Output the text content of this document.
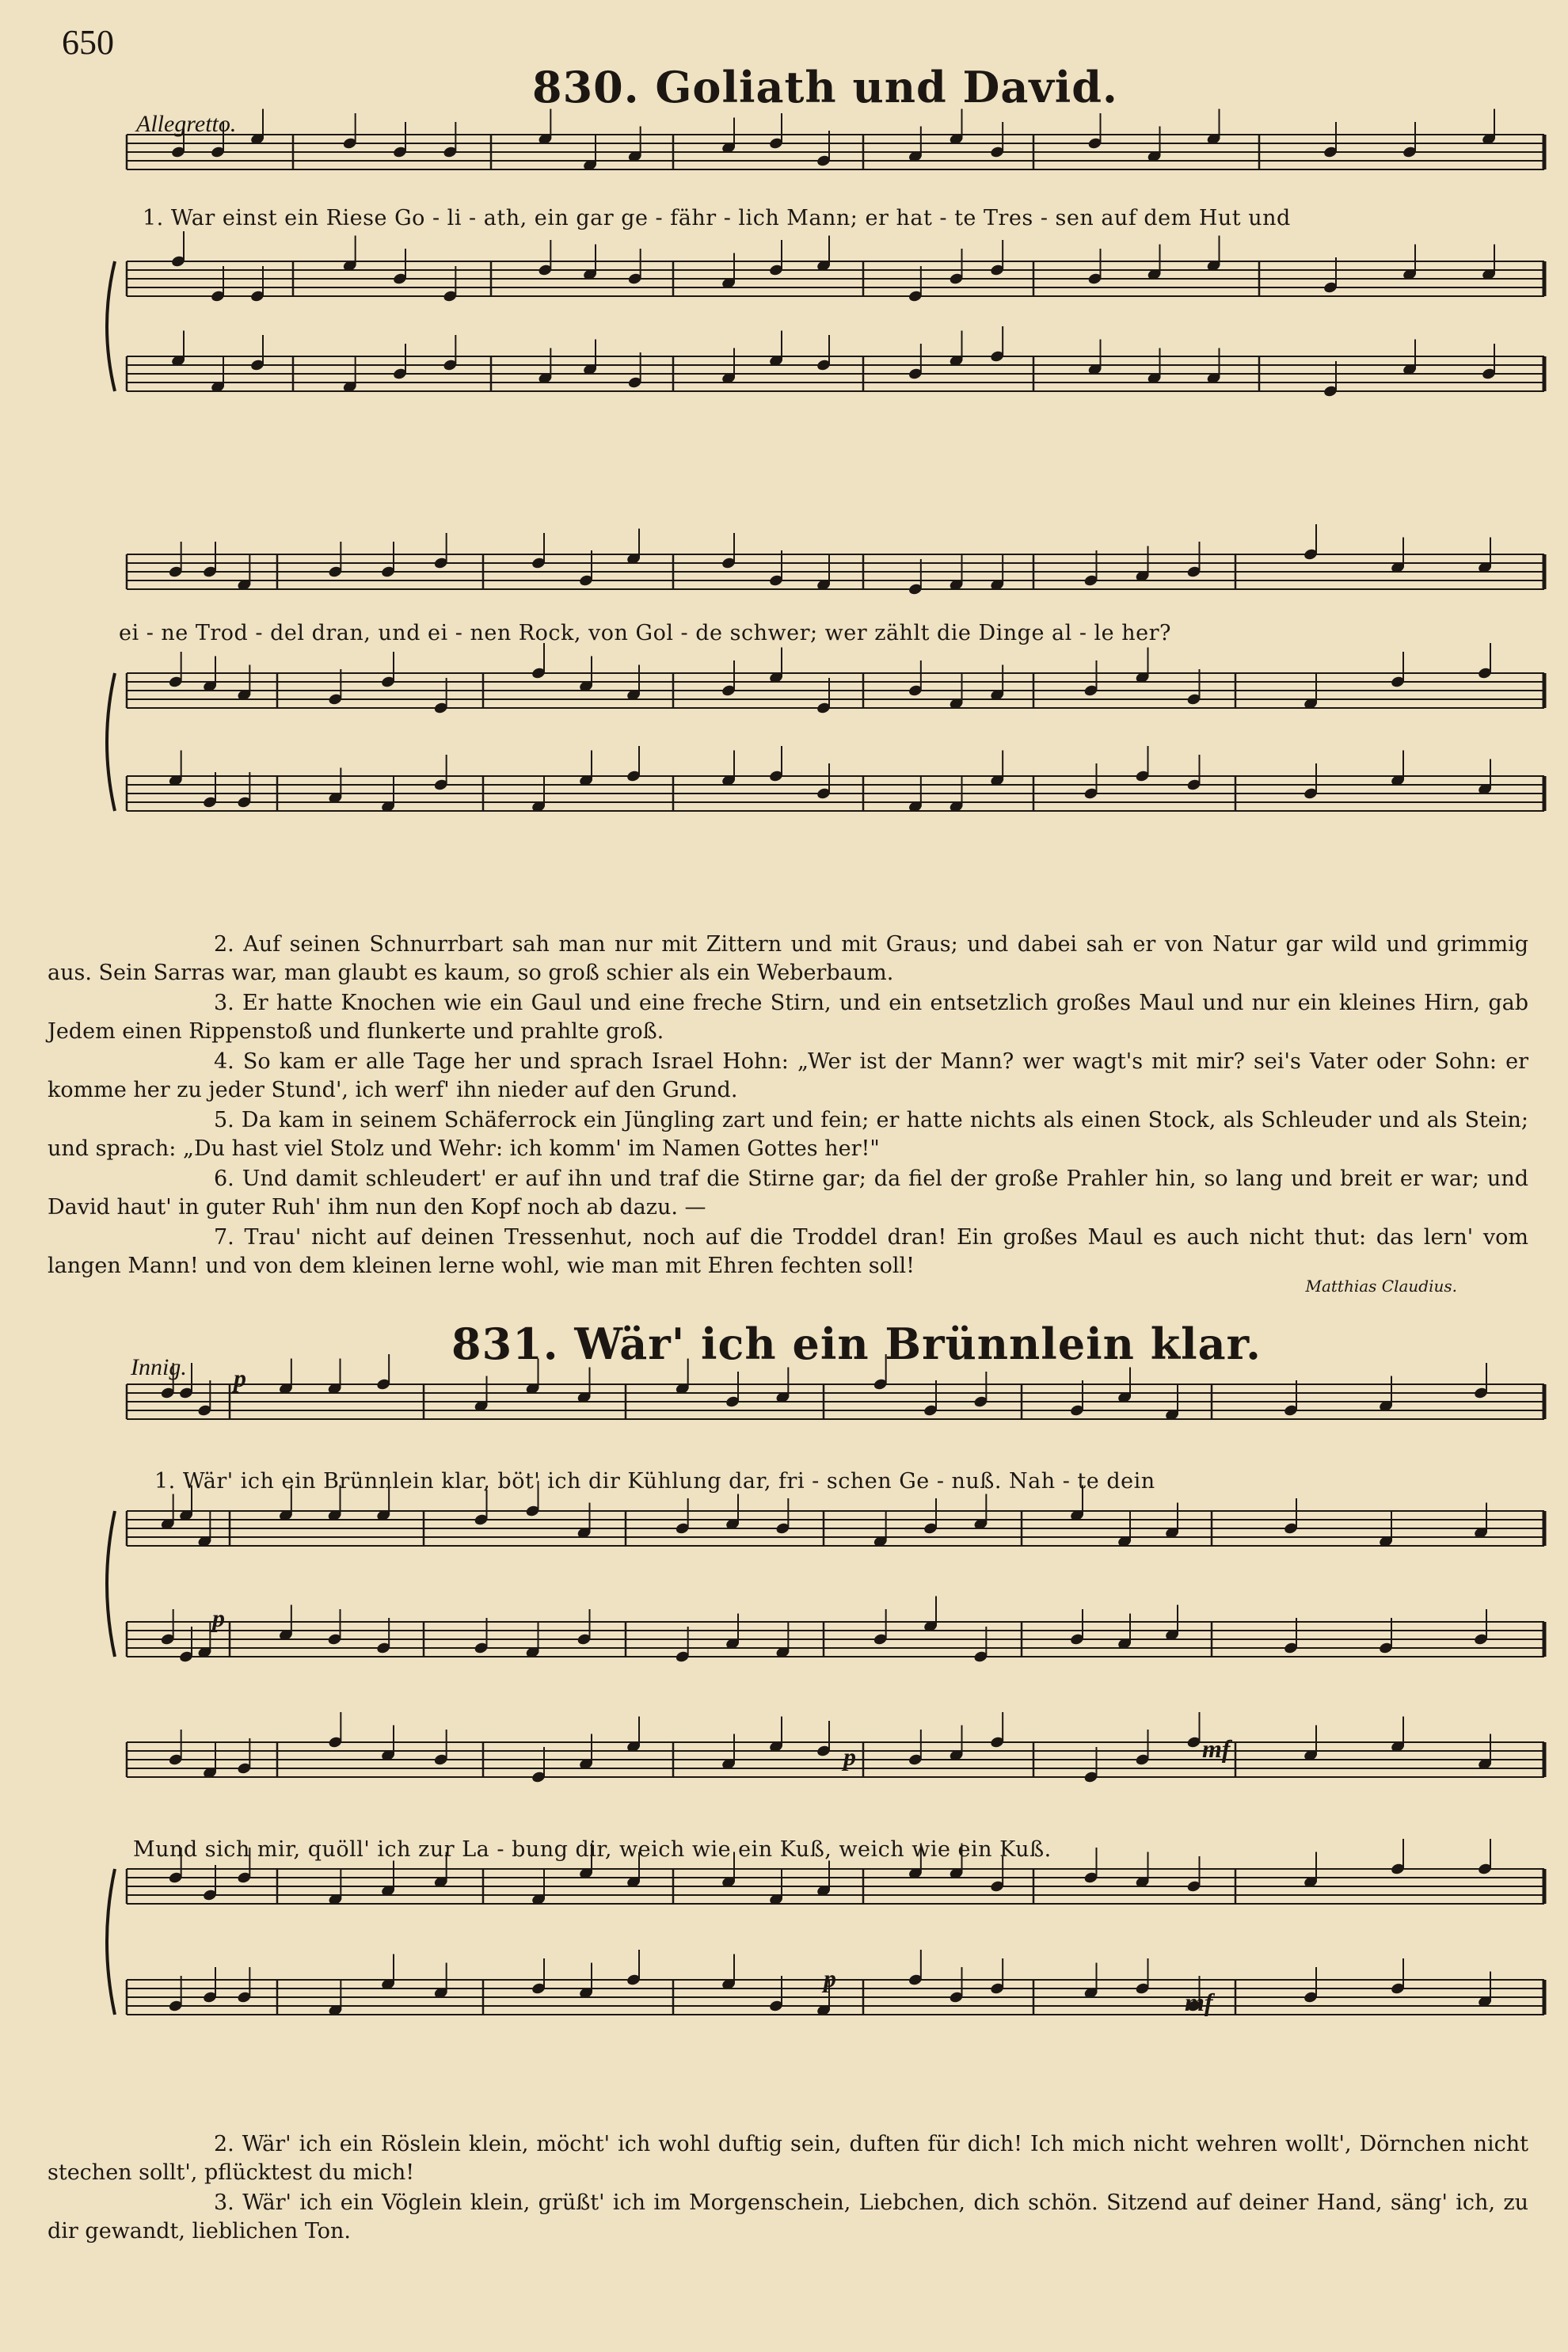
650
830. Goliath und David.
Allegretto.
1. War einst ein Riese Go - li - ath, ein gar ge - fähr - lich Mann; er hat - te Tres - sen auf dem Hut und
ei - ne Trod - del dran, und ei - nen Rock, von Gol - de schwer; wer zählt die Dinge al - le her?

2. Auf seinen Schnurrbart sah man nur mit Zittern und mit Graus; und dabei sah er von Natur gar wild und grimmig aus. Sein Sarras war, man glaubt es kaum, so groß schier als ein Weberbaum.

3. Er hatte Knochen wie ein Gaul und eine freche Stirn, und ein entsetzlich großes Maul und nur ein kleines Hirn, gab Jedem einen Rippenstoß und flunkerte und prahlte groß.

4. So kam er alle Tage her und sprach Israel Hohn: „Wer ist der Mann? wer wagt's mit mir? sei's Vater oder Sohn: er komme her zu jeder Stund', ich werf' ihn nieder auf den Grund.

5. Da kam in seinem Schäferrock ein Jüngling zart und fein; er hatte nichts als einen Stock, als Schleuder und als Stein; und sprach: „Du hast viel Stolz und Wehr: ich komm' im Namen Gottes her!"

6. Und damit schleudert' er auf ihn und traf die Stirne gar; da fiel der große Prahler hin, so lang und breit er war; und David haut' in guter Ruh' ihm nun den Kopf noch ab dazu. —

7. Trau' nicht auf deinen Tressenhut, noch auf die Troddel dran! Ein großes Maul es auch nicht thut: das lern' vom langen Mann! und von dem kleinen lerne wohl, wie man mit Ehren fechten soll!

Matthias Claudius.
831. Wär' ich ein Brünnlein klar.
Innig. p
1. Wär' ich ein Brünnlein klar, böt' ich dir Kühlung dar, fri - schen Ge - nuß. Nah - te dein
p
p	mf
Mund sich mir, quöll' ich zur La - bung dir, weich wie ein Kuß, weich wie ein Kuß.
p
mf

2. Wär' ich ein Röslein klein, möcht' ich wohl duftig sein, duften für dich! Ich mich nicht wehren wollt', Dörnchen nicht stechen sollt', pflücktest du mich!

3. Wär' ich ein Vöglein klein, grüßt' ich im Morgenschein, Liebchen, dich schön. Sitzend auf deiner Hand, säng' ich, zu dir gewandt, lieblichen Ton.
